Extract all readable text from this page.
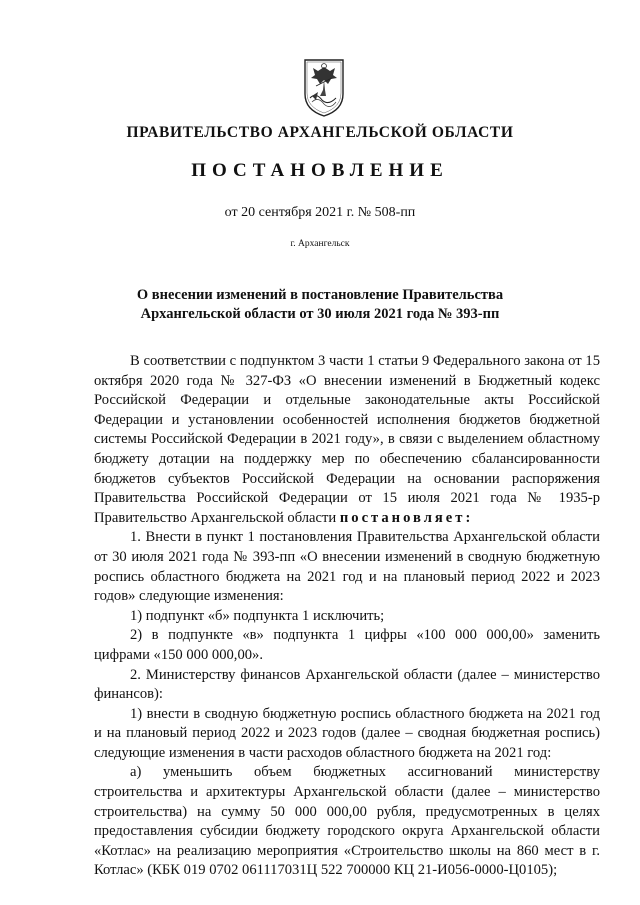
ПРАВИТЕЛЬСТВО АРХАНГЕЛЬСКОЙ ОБЛАСТИ
ПОСТАНОВЛЕНИЕ
от 20 сентября 2021 г. № 508-пп
г. Архангельск
О внесении изменений в постановление Правительства
Архангельской области от 30 июля 2021 года № 393-пп

В соответствии с подпунктом 3 части 1 статьи 9 Федерального закона от 15 октября 2020 года № 327-ФЗ «О внесении изменений в Бюджетный кодекс Российской Федерации и отдельные законодательные акты Российской Федерации и установлении особенностей исполнения бюджетов бюджетной системы Российской Федерации в 2021 году», в связи с выделением областному бюджету дотации на поддержку мер по обеспечению сбалансированности бюджетов субъектов Российской Федерации на основании распоряжения Правительства Российской Федерации от 15 июля 2021 года № 1935-р Правительство Архангельской области постановляет:

1. Внести в пункт 1 постановления Правительства Архангельской области от 30 июля 2021 года № 393-пп «О внесении изменений в сводную бюджетную роспись областного бюджета на 2021 год и на плановый период 2022 и 2023 годов» следующие изменения:

1) подпункт «б» подпункта 1 исключить;

2) в подпункте «в» подпункта 1 цифры «100 000 000,00» заменить цифрами «150 000 000,00».

2. Министерству финансов Архангельской области (далее – министерство финансов):

1) внести в сводную бюджетную роспись областного бюджета на 2021 год и на плановый период 2022 и 2023 годов (далее – сводная бюджетная роспись) следующие изменения в части расходов областного бюджета на 2021 год:

а) уменьшить объем бюджетных ассигнований министерству строительства и архитектуры Архангельской области (далее – министерство строительства) на сумму 50 000 000,00 рубля, предусмотренных в целях предоставления субсидии бюджету городского округа Архангельской области «Котлас» на реализацию мероприятия «Строительство школы на 860 мест в г. Котлас» (КБК 019 0702 061117031Ц 522 700000 КЦ 21-И056-0000-Ц0105);
